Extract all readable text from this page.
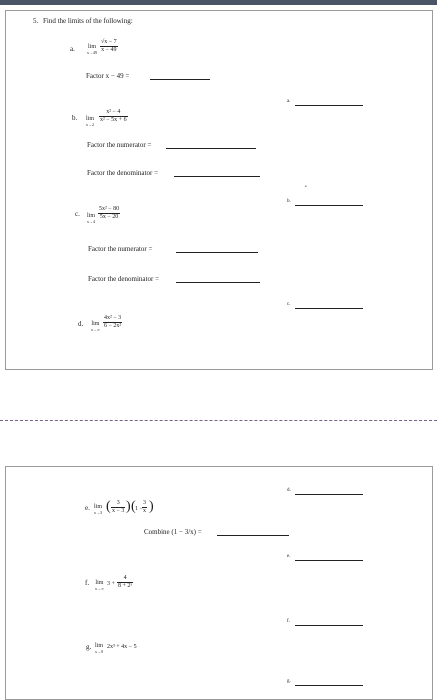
5. Find the limits of the following:
a. lim
x→49
√x − 7
x − 49
Factor x − 49 =
a.
b. lim
x→2
x² − 4
x² − 5x + 6
Factor the numerator =
Factor the denominator =
•
b.
c. lim
x→4
5x² − 80
5x − 20
Factor the numerator =
Factor the denominator =
c.
d. lim
x→∞
4x² − 3
6 − 2x²
d.
e. lim
x→3 ( 3
x − 3 ) ( 1 −
3
x )
Combine (1 − 3/x) =
e.
f. lim
x→∞
3 +
4
8 + 2ˣ
f.
g. lim
x→0
2x³ + 4x − 5
g.
